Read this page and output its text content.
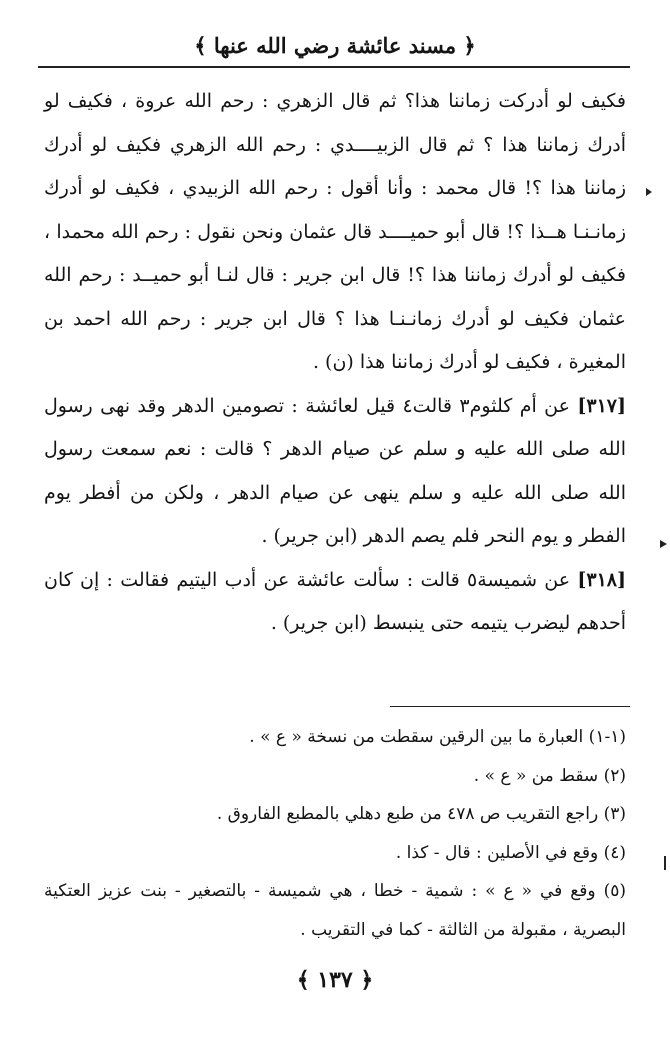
﴿ مسند عائشة رضي الله عنها ﴾

فكيف لو أدركت زماننا هذا؟ ثم قال الزهري : رحم الله عروة ، فكيف لو أدرك زماننا هذا ؟ ثم قال الزبيــــدي : رحم الله الزهري فكيف لو أدرك زماننا هذا ؟! قال محمد : وأنا أقول : رحم الله الزبيدي ، فكيف لو أدرك زمانـنـا هــذا ؟! قال أبو حميــــد قال عثمان ونحن نقول : رحم الله محمدا ، فكيف لو أدرك زماننا هذا ؟! قال ابن جرير : قال لنـا أبو حميــد : رحم الله عثمان فكيف لو أدرك زمانـنـا هذا ؟ قال ابن جرير : رحم الله احمد بن المغيرة ، فكيف لو أدرك زماننا هذا (ن) .

[٣١٧] عن أم كلثوم٣ قالت٤ قيل لعائشة : تصومين الدهر وقد نهى رسول الله صلى الله عليه و سلم عن صيام الدهر ؟ قالت : نعم سمعت رسول الله صلى الله عليه و سلم ينهى عن صيام الدهر ، ولكن من أفطر يوم الفطر و يوم النحر فلم يصم الدهر (ابن جرير) .

[٣١٨] عن شميسة٥ قالت : سألت عائشة عن أدب اليتيم فقالت : إن كان أحدهم ليضرب يتيمه حتى ينبسط (ابن جرير) .

(١-١) العبارة ما بين الرقين سقطت من نسخة « ع » .

(٢) سقط من « ع » .

(٣) راجع التقريب ص ٤٧٨ من طبع دهلي بالمطبع الفاروق .

(٤) وقع في الأصلين : قال - كذا .

(٥) وقع في « ع » : شمية - خطا ، هي شميسة - بالتصغير - بنت عزيز العتكية البصرية ، مقبولة من الثالثة - كما في التقريب .

﴿ ١٣٧ ﴾
